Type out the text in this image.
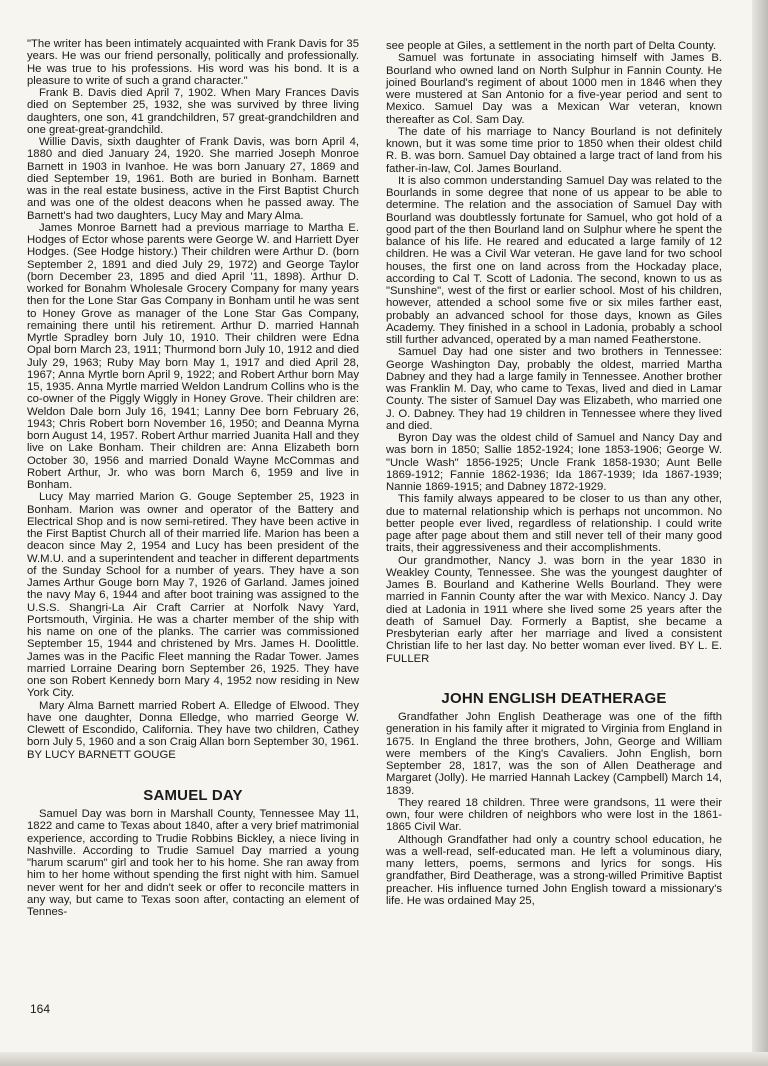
"The writer has been intimately acquainted with Frank Davis for 35 years. He was our friend personally, politically and professionally. He was true to his professions. His word was his bond. It is a pleasure to write of such a grand character."

Frank B. Davis died April 7, 1902. When Mary Frances Davis died on September 25, 1932, she was survived by three living daughters, one son, 41 grandchildren, 57 great-grandchildren and one great-great-grandchild.

Willie Davis, sixth daughter of Frank Davis, was born April 4, 1880 and died January 24, 1920. She married Joseph Monroe Barnett in 1903 in Ivanhoe. He was born January 27, 1869 and died September 19, 1961. Both are buried in Bonham. Barnett was in the real estate business, active in the First Baptist Church and was one of the oldest deacons when he passed away. The Barnett's had two daughters, Lucy May and Mary Alma.

James Monroe Barnett had a previous marriage to Martha E. Hodges of Ector whose parents were George W. and Harriett Dyer Hodges. (See Hodge history.) Their children were Arthur D. (born September 2, 1891 and died July 29, 1972) and George Taylor (born December 23, 1895 and died April '11, 1898). Arthur D. worked for Bonahm Wholesale Grocery Company for many years then for the Lone Star Gas Company in Bonham until he was sent to Honey Grove as manager of the Lone Star Gas Company, remaining there until his retirement. Arthur D. married Hannah Myrtle Spradley born July 10, 1910. Their children were Edna Opal born March 23, 1911; Thurmond born July 10, 1912 and died July 29, 1963; Ruby May born May 1, 1917 and died April 28, 1967; Anna Myrtle born April 9, 1922; and Robert Arthur born May 15, 1935. Anna Myrtle married Weldon Landrum Collins who is the co-owner of the Piggly Wiggly in Honey Grove. Their children are: Weldon Dale born July 16, 1941; Lanny Dee born February 26, 1943; Chris Robert born November 16, 1950; and Deanna Myrna born August 14, 1957. Robert Arthur married Juanita Hall and they live on Lake Bonham. Their children are: Anna Elizabeth born October 30, 1956 and married Donald Wayne McCommas and Robert Arthur, Jr. who was born March 6, 1959 and live in Bonham.

Lucy May married Marion G. Gouge September 25, 1923 in Bonham. Marion was owner and operator of the Battery and Electrical Shop and is now semi-retired. They have been active in the First Baptist Church all of their married life. Marion has been a deacon since May 2, 1954 and Lucy has been president of the W.M.U. and a superintendent and teacher in different departments of the Sunday School for a number of years. They have a son James Arthur Gouge born May 7, 1926 of Garland. James joined the navy May 6, 1944 and after boot training was assigned to the U.S.S. Shangri-La Air Craft Carrier at Norfolk Navy Yard, Portsmouth, Virginia. He was a charter member of the ship with his name on one of the planks. The carrier was commissioned September 15, 1944 and christened by Mrs. James H. Doolittle. James was in the Pacific Fleet manning the Radar Tower. James married Lorraine Dearing born September 26, 1925. They have one son Robert Kennedy born Mary 4, 1952 now residing in New York City.

Mary Alma Barnett married Robert A. Elledge of Elwood. They have one daughter, Donna Elledge, who married George W. Clewett of Escondido, California. They have two children, Cathey born July 5, 1960 and a son Craig Allan born September 30, 1961. BY LUCY BARNETT GOUGE

SAMUEL DAY

Samuel Day was born in Marshall County, Tennessee May 11, 1822 and came to Texas about 1840, after a very brief matrimonial experience, according to Trudie Robbins Bickley, a niece living in Nashville. According to Trudie Samuel Day married a young "harum scarum" girl and took her to his home. She ran away from him to her home without spending the first night with him. Samuel never went for her and didn't seek or offer to reconcile matters in any way, but came to Texas soon after, contacting an element of Tennes-

see people at Giles, a settlement in the north part of Delta County.

Samuel was fortunate in associating himself with James B. Bourland who owned land on North Sulphur in Fannin County. He joined Bourland's regiment of about 1000 men in 1846 when they were mustered at San Antonio for a five-year period and sent to Mexico. Samuel Day was a Mexican War veteran, known thereafter as Col. Sam Day.

The date of his marriage to Nancy Bourland is not definitely known, but it was some time prior to 1850 when their oldest child R. B. was born. Samuel Day obtained a large tract of land from his father-in-law, Col. James Bourland.

It is also common understanding Samuel Day was related to the Bourlands in some degree that none of us appear to be able to determine. The relation and the association of Samuel Day with Bourland was doubtlessly fortunate for Samuel, who got hold of a good part of the then Bourland land on Sulphur where he spent the balance of his life. He reared and educated a large family of 12 children. He was a Civil War veteran. He gave land for two school houses, the first one on land across from the Hockaday place, according to Cal T. Scott of Ladonia. The second, known to us as "Sunshine", west of the first or earlier school. Most of his children, however, attended a school some five or six miles farther east, probably an advanced school for those days, known as Giles Academy. They finished in a school in Ladonia, probably a school still further advanced, operated by a man named Featherstone.

Samuel Day had one sister and two brothers in Tennessee: George Washington Day, probably the oldest, married Martha Dabney and they had a large family in Tennessee. Another brother was Franklin M. Day, who came to Texas, lived and died in Lamar County. The sister of Samuel Day was Elizabeth, who married one J. O. Dabney. They had 19 children in Tennessee where they lived and died.

Byron Day was the oldest child of Samuel and Nancy Day and was born in 1850; Sallie 1852-1924; Ione 1853-1906; George W. "Uncle Wash" 1856-1925; Uncle Frank 1858-1930; Aunt Belle 1869-1912; Fannie 1862-1936; Ida 1867-1939; Ida 1867-1939; Nannie 1869-1915; and Dabney 1872-1929.

This family always appeared to be closer to us than any other, due to maternal relationship which is perhaps not uncommon. No better people ever lived, regardless of relationship. I could write page after page about them and still never tell of their many good traits, their aggressiveness and their accomplishments.

Our grandmother, Nancy J. was born in the year 1830 in Weakley County, Tennessee. She was the youngest daughter of James B. Bourland and Katherine Wells Bourland. They were married in Fannin County after the war with Mexico. Nancy J. Day died at Ladonia in 1911 where she lived some 25 years after the death of Samuel Day. Formerly a Baptist, she became a Presbyterian early after her marriage and lived a consistent Christian life to her last day. No better woman ever lived. BY L. E. FULLER

JOHN ENGLISH DEATHERAGE

Grandfather John English Deatherage was one of the fifth generation in his family after it migrated to Virginia from England in 1675. In England the three brothers, John, George and William were members of the King's Cavaliers. John English, born September 28, 1817, was the son of Allen Deatherage and Margaret (Jolly). He married Hannah Lackey (Campbell) March 14, 1839.

They reared 18 children. Three were grandsons, 11 were their own, four were children of neighbors who were lost in the 1861-1865 Civil War.

Although Grandfather had only a country school education, he was a well-read, self-educated man. He left a voluminous diary, many letters, poems, sermons and lyrics for songs. His grandfather, Bird Deatherage, was a strong-willed Primitive Baptist preacher. His influence turned John English toward a missionary's life. He was ordained May 25,

164
